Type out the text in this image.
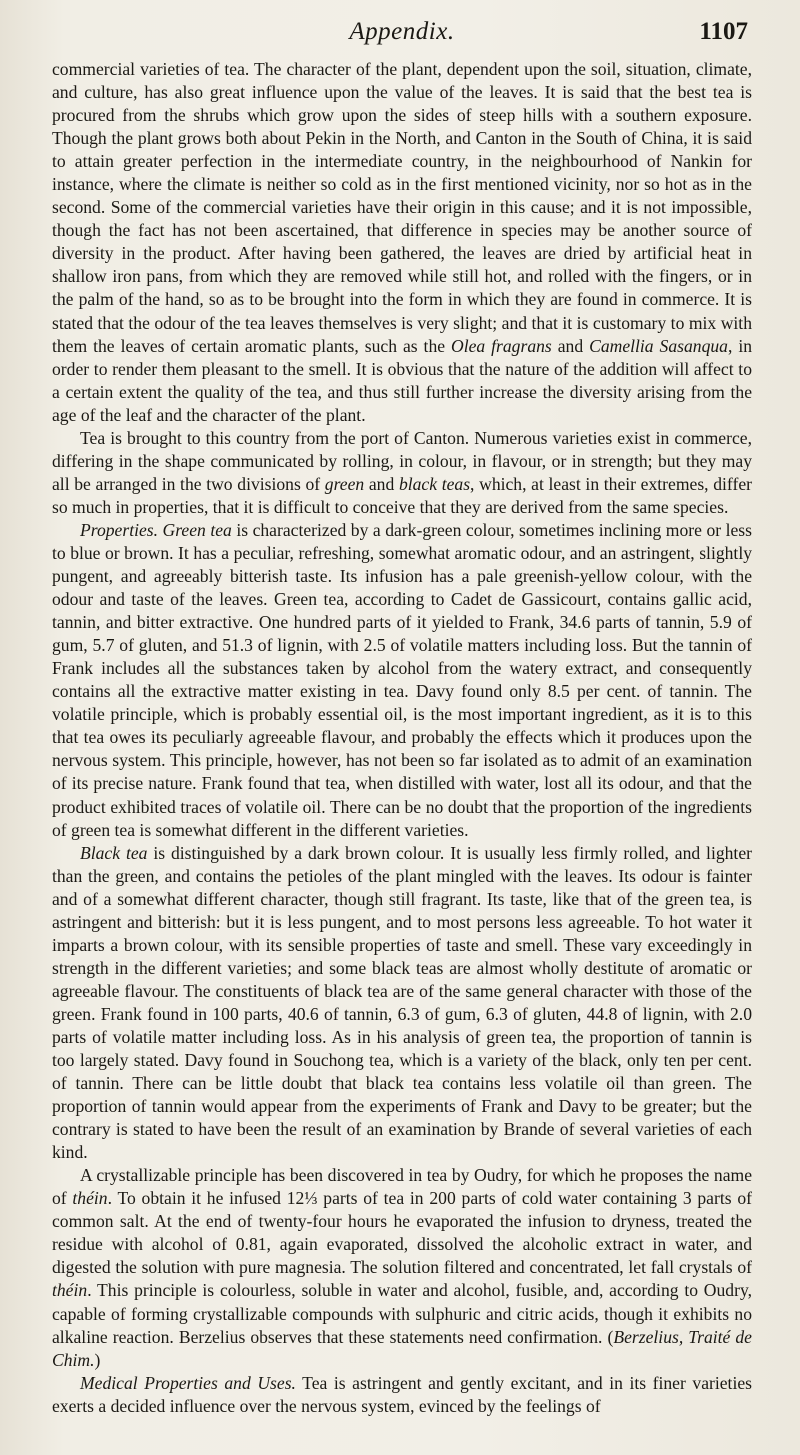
Appendix.	1107

commercial varieties of tea. The character of the plant, dependent upon the soil, situation, climate, and culture, has also great influence upon the value of the leaves. It is said that the best tea is procured from the shrubs which grow upon the sides of steep hills with a southern exposure. Though the plant grows both about Pekin in the North, and Canton in the South of China, it is said to attain greater perfection in the intermediate country, in the neighbourhood of Nankin for instance, where the climate is neither so cold as in the first mentioned vicinity, nor so hot as in the second. Some of the commercial varieties have their origin in this cause; and it is not impossible, though the fact has not been ascertained, that difference in species may be another source of diversity in the product. After having been gathered, the leaves are dried by artificial heat in shallow iron pans, from which they are removed while still hot, and rolled with the fingers, or in the palm of the hand, so as to be brought into the form in which they are found in commerce. It is stated that the odour of the tea leaves themselves is very slight; and that it is customary to mix with them the leaves of certain aromatic plants, such as the Olea fragrans and Camellia Sasanqua, in order to render them pleasant to the smell. It is obvious that the nature of the addition will affect to a certain extent the quality of the tea, and thus still further increase the diversity arising from the age of the leaf and the character of the plant.

Tea is brought to this country from the port of Canton. Numerous varieties exist in commerce, differing in the shape communicated by rolling, in colour, in flavour, or in strength; but they may all be arranged in the two divisions of green and black teas, which, at least in their extremes, differ so much in properties, that it is difficult to conceive that they are derived from the same species.

Properties. Green tea is characterized by a dark-green colour, sometimes inclining more or less to blue or brown. It has a peculiar, refreshing, somewhat aromatic odour, and an astringent, slightly pungent, and agreeably bitterish taste. Its infusion has a pale greenish-yellow colour, with the odour and taste of the leaves. Green tea, according to Cadet de Gassicourt, contains gallic acid, tannin, and bitter extractive. One hundred parts of it yielded to Frank, 34.6 parts of tannin, 5.9 of gum, 5.7 of gluten, and 51.3 of lignin, with 2.5 of volatile matters including loss. But the tannin of Frank includes all the substances taken by alcohol from the watery extract, and consequently contains all the extractive matter existing in tea. Davy found only 8.5 per cent. of tannin. The volatile principle, which is probably essential oil, is the most important ingredient, as it is to this that tea owes its peculiarly agreeable flavour, and probably the effects which it produces upon the nervous system. This principle, however, has not been so far isolated as to admit of an examination of its precise nature. Frank found that tea, when distilled with water, lost all its odour, and that the product exhibited traces of volatile oil. There can be no doubt that the proportion of the ingredients of green tea is somewhat different in the different varieties.

Black tea is distinguished by a dark brown colour. It is usually less firmly rolled, and lighter than the green, and contains the petioles of the plant mingled with the leaves. Its odour is fainter and of a somewhat different character, though still fragrant. Its taste, like that of the green tea, is astringent and bitterish: but it is less pungent, and to most persons less agreeable. To hot water it imparts a brown colour, with its sensible properties of taste and smell. These vary exceedingly in strength in the different varieties; and some black teas are almost wholly destitute of aromatic or agreeable flavour. The constituents of black tea are of the same general character with those of the green. Frank found in 100 parts, 40.6 of tannin, 6.3 of gum, 6.3 of gluten, 44.8 of lignin, with 2.0 parts of volatile matter including loss. As in his analysis of green tea, the proportion of tannin is too largely stated. Davy found in Souchong tea, which is a variety of the black, only ten per cent. of tannin. There can be little doubt that black tea contains less volatile oil than green. The proportion of tannin would appear from the experiments of Frank and Davy to be greater; but the contrary is stated to have been the result of an examination by Brande of several varieties of each kind.

A crystallizable principle has been discovered in tea by Oudry, for which he proposes the name of théin. To obtain it he infused 12⅓ parts of tea in 200 parts of cold water containing 3 parts of common salt. At the end of twenty-four hours he evaporated the infusion to dryness, treated the residue with alcohol of 0.81, again evaporated, dissolved the alcoholic extract in water, and digested the solution with pure magnesia. The solution filtered and concentrated, let fall crystals of théin. This principle is colourless, soluble in water and alcohol, fusible, and, according to Oudry, capable of forming crystallizable compounds with sulphuric and citric acids, though it exhibits no alkaline reaction. Berzelius observes that these statements need confirmation. (Berzelius, Traité de Chim.)

Medical Properties and Uses. Tea is astringent and gently excitant, and in its finer varieties exerts a decided influence over the nervous system, evinced by the feelings of
